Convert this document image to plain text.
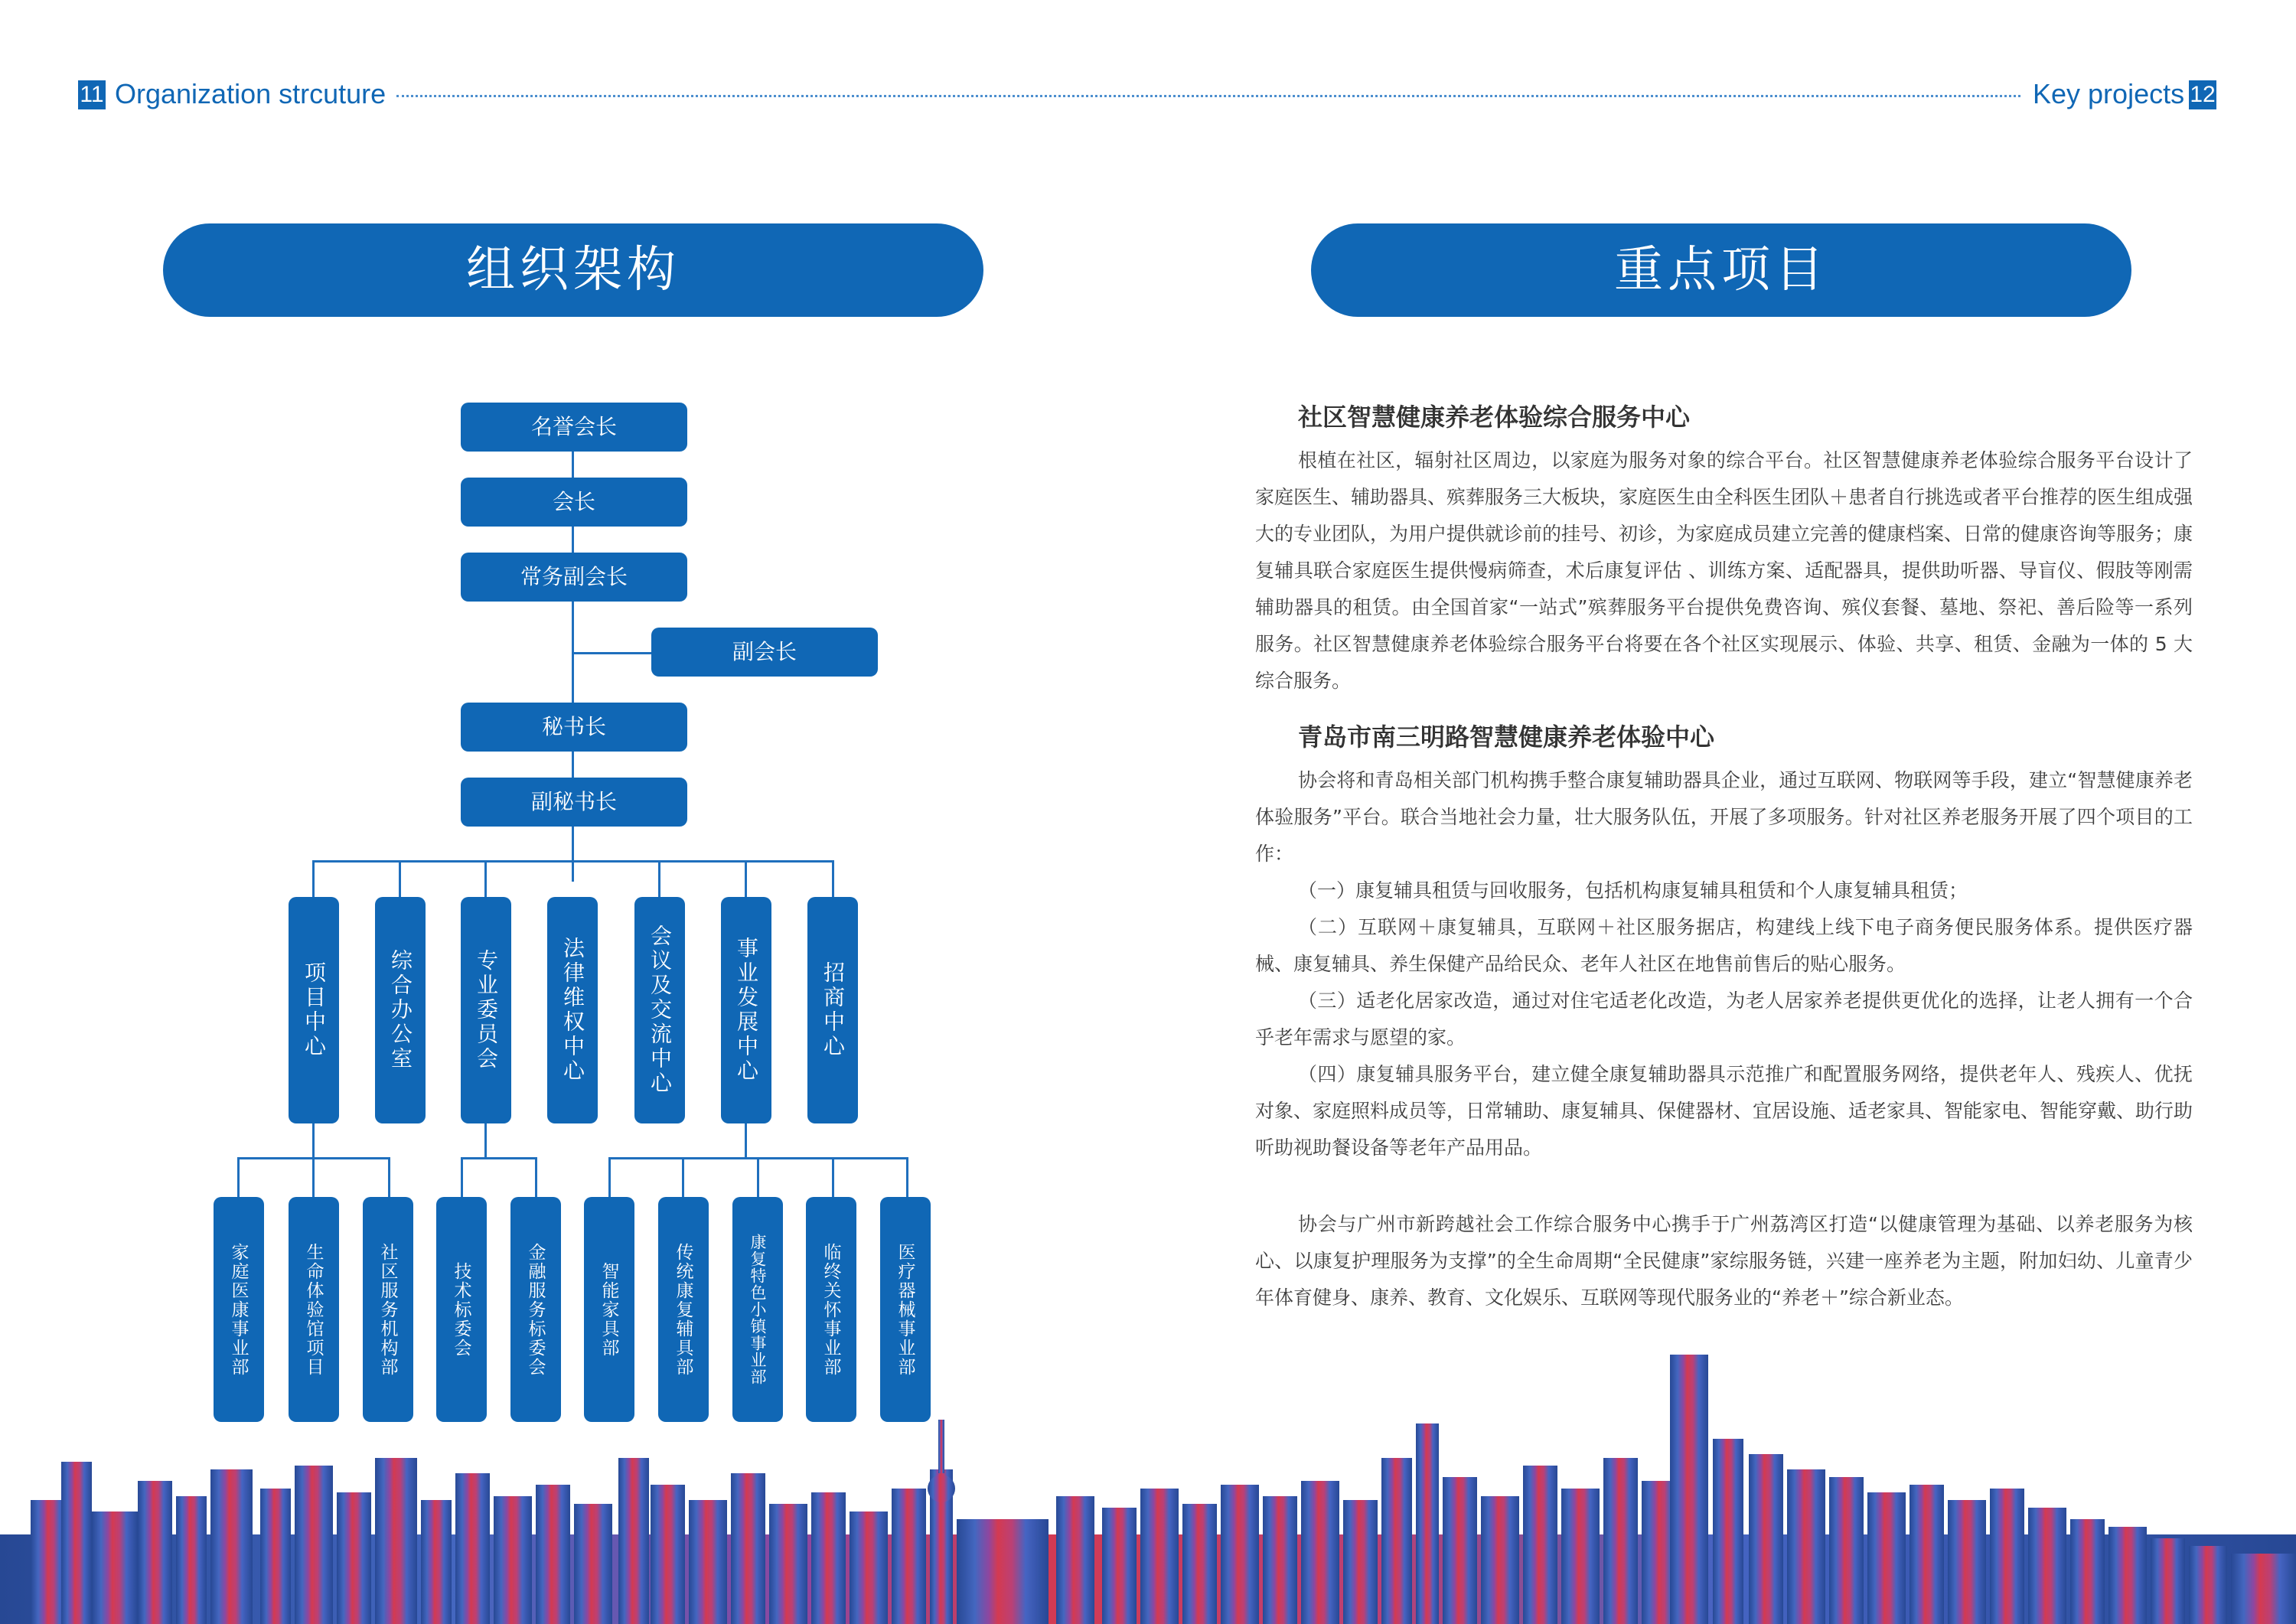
11 Organization strcuture	Key projects 12
组织架构	重点项目
名誉会长
会长
常务副会长
副会长
秘书长
副秘书长
项目中心	综合办公室	专业委员会	法律维权中心	会议及交流中心	事业发展中心	招商中心
家庭医康事业部	生命体验馆项目	社区服务机构部	技术标委会	金融服务标委会	智能家具部	传统康复辅具部	康复特色小镇事业部	临终关怀事业部	医疗器械事业部
社区智慧健康养老体验综合服务中心

根植在社区，辐射社区周边，以家庭为服务对象的综合平台。社区智慧健康养老体验综合服务平台设计了家庭医生、辅助器具、殡葬服务三大板块，家庭医生由全科医生团队＋患者自行挑选或者平台推荐的医生组成强大的专业团队，为用户提供就诊前的挂号、初诊，为家庭成员建立完善的健康档案、日常的健康咨询等服务；康复辅具联合家庭医生提供慢病筛查，术后康复评估 、训练方案、适配器具，提供助听器、导盲仪、假肢等刚需辅助器具的租赁。由全国首家“一站式”殡葬服务平台提供免费咨询、殡仪套餐、墓地、祭祀、善后险等一系列服务。社区智慧健康养老体验综合服务平台将要在各个社区实现展示、体验、共享、租赁、金融为一体的 5 大综合服务。

青岛市南三明路智慧健康养老体验中心

协会将和青岛相关部门机构携手整合康复辅助器具企业，通过互联网、物联网等手段，建立“智慧健康养老体验服务”平台。联合当地社会力量，壮大服务队伍，开展了多项服务。针对社区养老服务开展了四个项目的工作：

（一）康复辅具租赁与回收服务，包括机构康复辅具租赁和个人康复辅具租赁；

（二）互联网＋康复辅具，互联网＋社区服务据店，构建线上线下电子商务便民服务体系。提供医疗器械、康复辅具、养生保健产品给民众、老年人社区在地售前售后的贴心服务。

（三）适老化居家改造，通过对住宅适老化改造，为老人居家养老提供更优化的选择，让老人拥有一个合乎老年需求与愿望的家。

（四）康复辅具服务平台，建立健全康复辅助器具示范推广和配置服务网络，提供老年人、残疾人、优抚对象、家庭照料成员等，日常辅助、康复辅具、保健器材、宜居设施、适老家具、智能家电、智能穿戴、助行助听助视助餐设备等老年产品用品。

协会与广州市新跨越社会工作综合服务中心携手于广州荔湾区打造“以健康管理为基础、以养老服务为核心、以康复护理服务为支撑”的全生命周期“全民健康”家综服务链，兴建一座养老为主题，附加妇幼、儿童青少年体育健身、康养、教育、文化娱乐、互联网等现代服务业的“养老＋”综合新业态。
